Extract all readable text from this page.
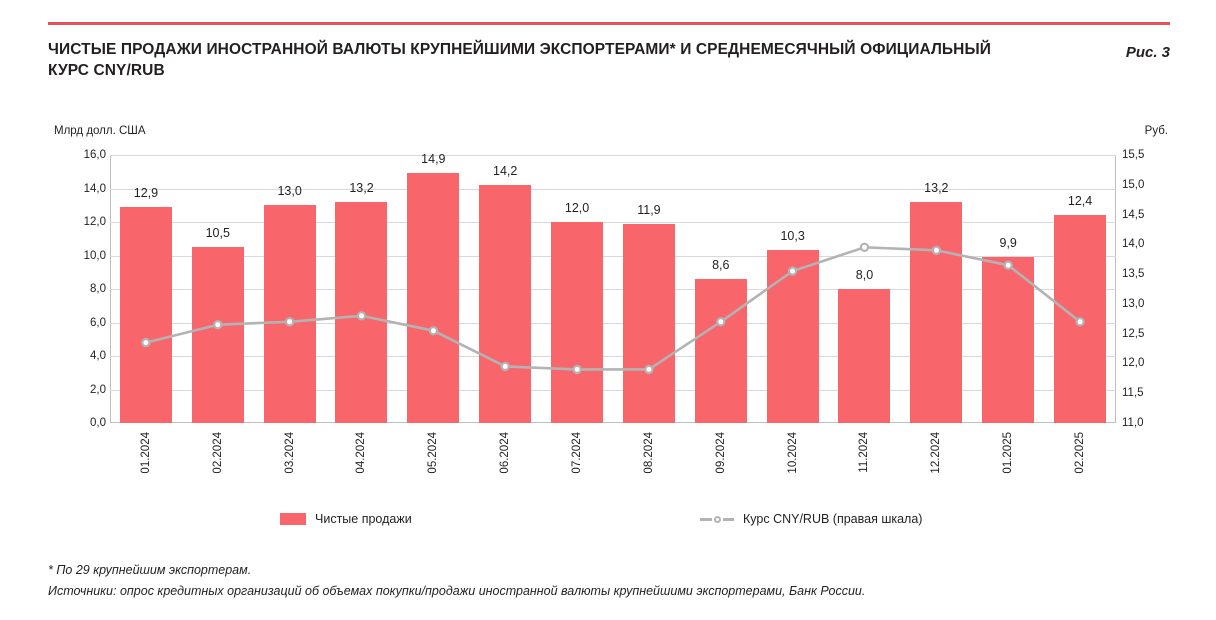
ЧИСТЫЕ ПРОДАЖИ ИНОСТРАННОЙ ВАЛЮТЫ КРУПНЕЙШИМИ ЭКСПОРТЕРАМИ* И СРЕДНЕМЕСЯЧНЫЙ ОФИЦИАЛЬНЫЙ КУРС CNY/RUB
Рис. 3
Млрд долл. США	Руб.
0,0
2,0
4,0
6,0
8,0
10,0
12,0
14,0
16,0
11,0
11,5
12,0
12,5
13,0
13,5
14,0
14,5
15,0
15,5
12,9
10,5
13,0	13,2
14,9
14,2
12,0	11,9
8,6
10,3
8,0
13,2
9,9
12,4
01.2024	02.2024	03.2024	04.2024	05.2024	06.2024	07.2024	08.2024	09.2024	10.2024	11.2024	12.2024	01.2025	02.2025
Чистые продажи	Курс CNY/RUB (правая шкала)
* По 29 крупнейшим экспортерам.
Источники: опрос кредитных организаций об объемах покупки/продажи иностранной валюты крупнейшими экспортерами, Банк России.
